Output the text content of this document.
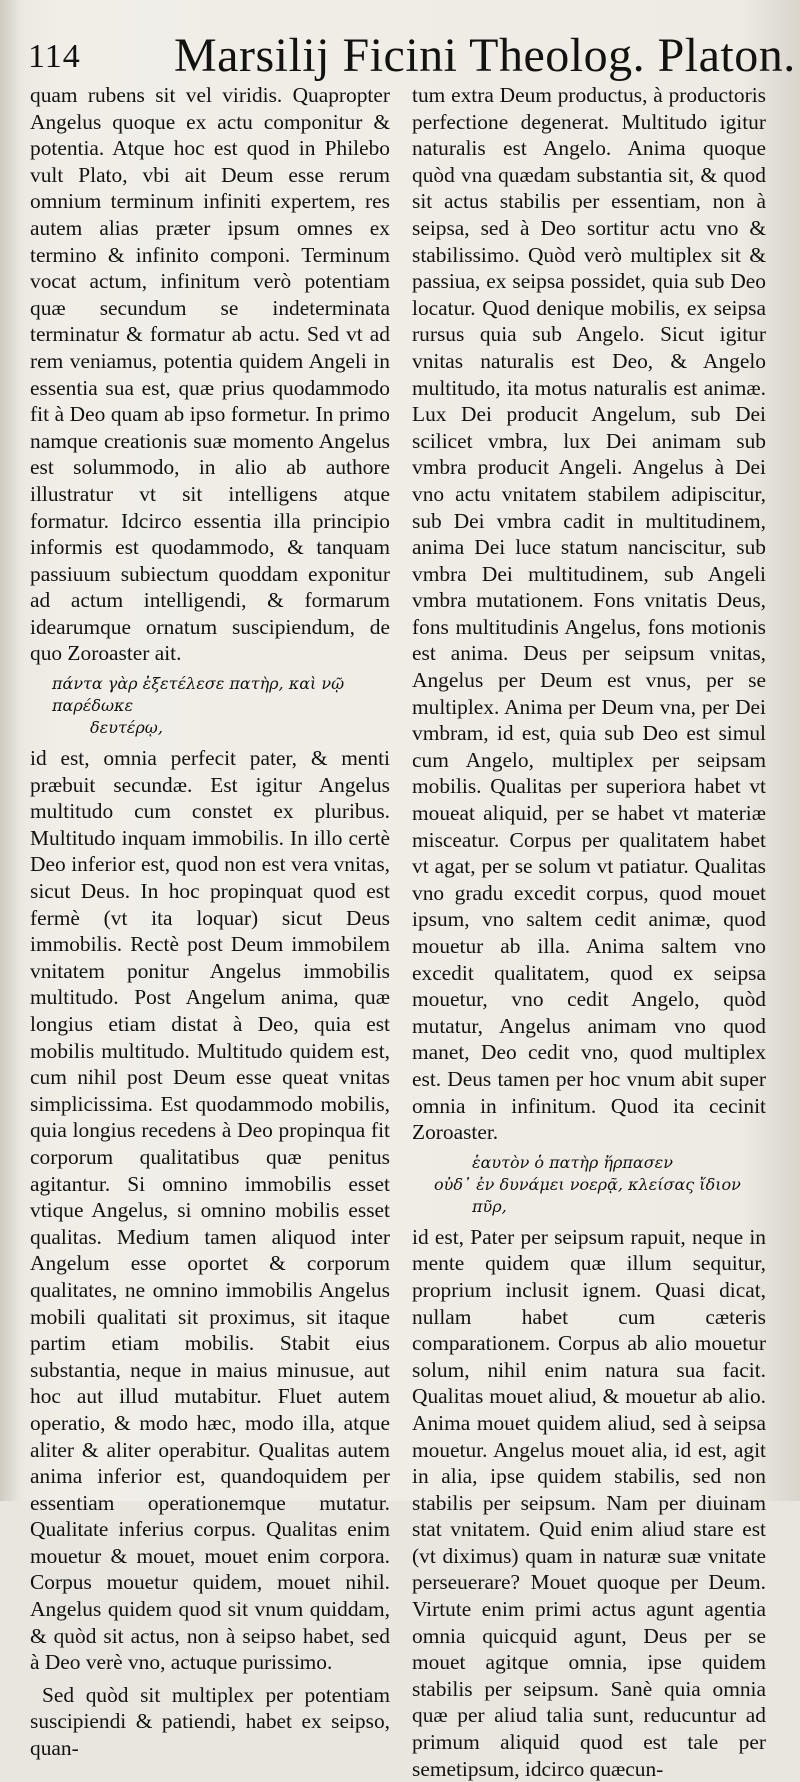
114 Marsilij Ficini Theolog. Platon.

quam rubens sit vel viridis. Quapropter Angelus quoque ex actu componitur & potentia. Atque hoc est quod in Philebo vult Plato, vbi ait Deum esse rerum omnium terminum infiniti expertem, res autem alias præter ipsum omnes ex termino & infinito componi. Terminum vocat actum, infinitum verò potentiam quæ secundum se indeterminata terminatur & formatur ab actu. Sed vt ad rem veniamus, potentia quidem Angeli in essentia sua est, quæ prius quodammodo fit à Deo quam ab ipso formetur. In primo namque creationis suæ momento Angelus est solummodo, in alio ab authore illustratur vt sit intelligens atque formatur. Idcirco essentia illa principio informis est quodammodo, & tanquam passiuum subiectum quoddam exponitur ad actum intelligendi, & formarum idearumque ornatum suscipiendum, de quo Zoroaster ait.

πάντα γὰρ ἐξετέλεσε πατὴρ, καὶ νῷ παρέδωκε
δευτέρῳ,

id est, omnia perfecit pater, & menti præbuit secundæ. Est igitur Angelus multitudo cum constet ex pluribus. Multitudo inquam immobilis. In illo certè Deo inferior est, quod non est vera vnitas, sicut Deus. In hoc propinquat quod est fermè (vt ita loquar) sicut Deus immobilis. Rectè post Deum immobilem vnitatem ponitur Angelus immobilis multitudo. Post Angelum anima, quæ longius etiam distat à Deo, quia est mobilis multitudo. Multitudo quidem est, cum nihil post Deum esse queat vnitas simplicissima. Est quodammodo mobilis, quia longius recedens à Deo propinqua fit corporum qualitatibus quæ penitus agitantur. Si omnino immobilis esset vtique Angelus, si omnino mobilis esset qualitas. Medium tamen aliquod inter Angelum esse oportet & corporum qualitates, ne omnino immobilis Angelus mobili qualitati sit proximus, sit itaque partim etiam mobilis. Stabit eius substantia, neque in maius minusue, aut hoc aut illud mutabitur. Fluet autem operatio, & modo hæc, modo illa, atque aliter & aliter operabitur. Qualitas autem anima inferior est, quandoquidem per essentiam operationemque mutatur. Qualitate inferius corpus. Qualitas enim mouetur & mouet, mouet enim corpora. Corpus mouetur quidem, mouet nihil. Angelus quidem quod sit vnum quiddam, & quòd sit actus, non à seipso habet, sed à Deo verè vno, actuque purissimo.

Sed quòd sit multiplex per potentiam suscipiendi & patiendi, habet ex seipso, quan-

tum extra Deum productus, à productoris perfectione degenerat. Multitudo igitur naturalis est Angelo. Anima quoque quòd vna quædam substantia sit, & quod sit actus stabilis per essentiam, non à seipsa, sed à Deo sortitur actu vno & stabilissimo. Quòd verò multiplex sit & passiua, ex seipsa possidet, quia sub Deo locatur. Quod denique mobilis, ex seipsa rursus quia sub Angelo. Sicut igitur vnitas naturalis est Deo, & Angelo multitudo, ita motus naturalis est animæ. Lux Dei producit Angelum, sub Dei scilicet vmbra, lux Dei animam sub vmbra producit Angeli. Angelus à Dei vno actu vnitatem stabilem adipiscitur, sub Dei vmbra cadit in multitudinem, anima Dei luce statum nanciscitur, sub vmbra Dei multitudinem, sub Angeli vmbra mutationem. Fons vnitatis Deus, fons multitudinis Angelus, fons motionis est anima. Deus per seipsum vnitas, Angelus per Deum est vnus, per se multiplex. Anima per Deum vna, per Dei vmbram, id est, quia sub Deo est simul cum Angelo, multiplex per seipsam mobilis. Qualitas per superiora habet vt moueat aliquid, per se habet vt materiæ misceatur. Corpus per qualitatem habet vt agat, per se solum vt patiatur. Qualitas vno gradu excedit corpus, quod mouet ipsum, vno saltem cedit animæ, quod mouetur ab illa. Anima saltem vno excedit qualitatem, quod ex seipsa mouetur, vno cedit Angelo, quòd mutatur, Angelus animam vno quod manet, Deo cedit vno, quod multiplex est. Deus tamen per hoc vnum abit super omnia in infinitum. Quod ita cecinit Zoroaster.

ἑαυτὸν ὁ πατὴρ ἥρπασεν
οὐδ᾽ ἐν δυνάμει νοερᾷ, κλείσας ἴδιον
πῦρ,

id est, Pater per seipsum rapuit, neque in mente quidem quæ illum sequitur, proprium inclusit ignem. Quasi dicat, nullam habet cum cæteris comparationem. Corpus ab alio mouetur solum, nihil enim natura sua facit. Qualitas mouet aliud, & mouetur ab alio. Anima mouet quidem aliud, sed à seipsa mouetur. Angelus mouet alia, id est, agit in alia, ipse quidem stabilis, sed non stabilis per seipsum. Nam per diuinam stat vnitatem. Quid enim aliud stare est (vt diximus) quam in naturæ suæ vnitate perseuerare? Mouet quoque per Deum. Virtute enim primi actus agunt agentia omnia quicquid agunt, Deus per se mouet agitque omnia, ipse quidem stabilis per seipsum. Sanè quia omnia quæ per aliud talia sunt, reducuntur ad primum aliquid quod est tale per semetipsum, idcirco quæcun-
